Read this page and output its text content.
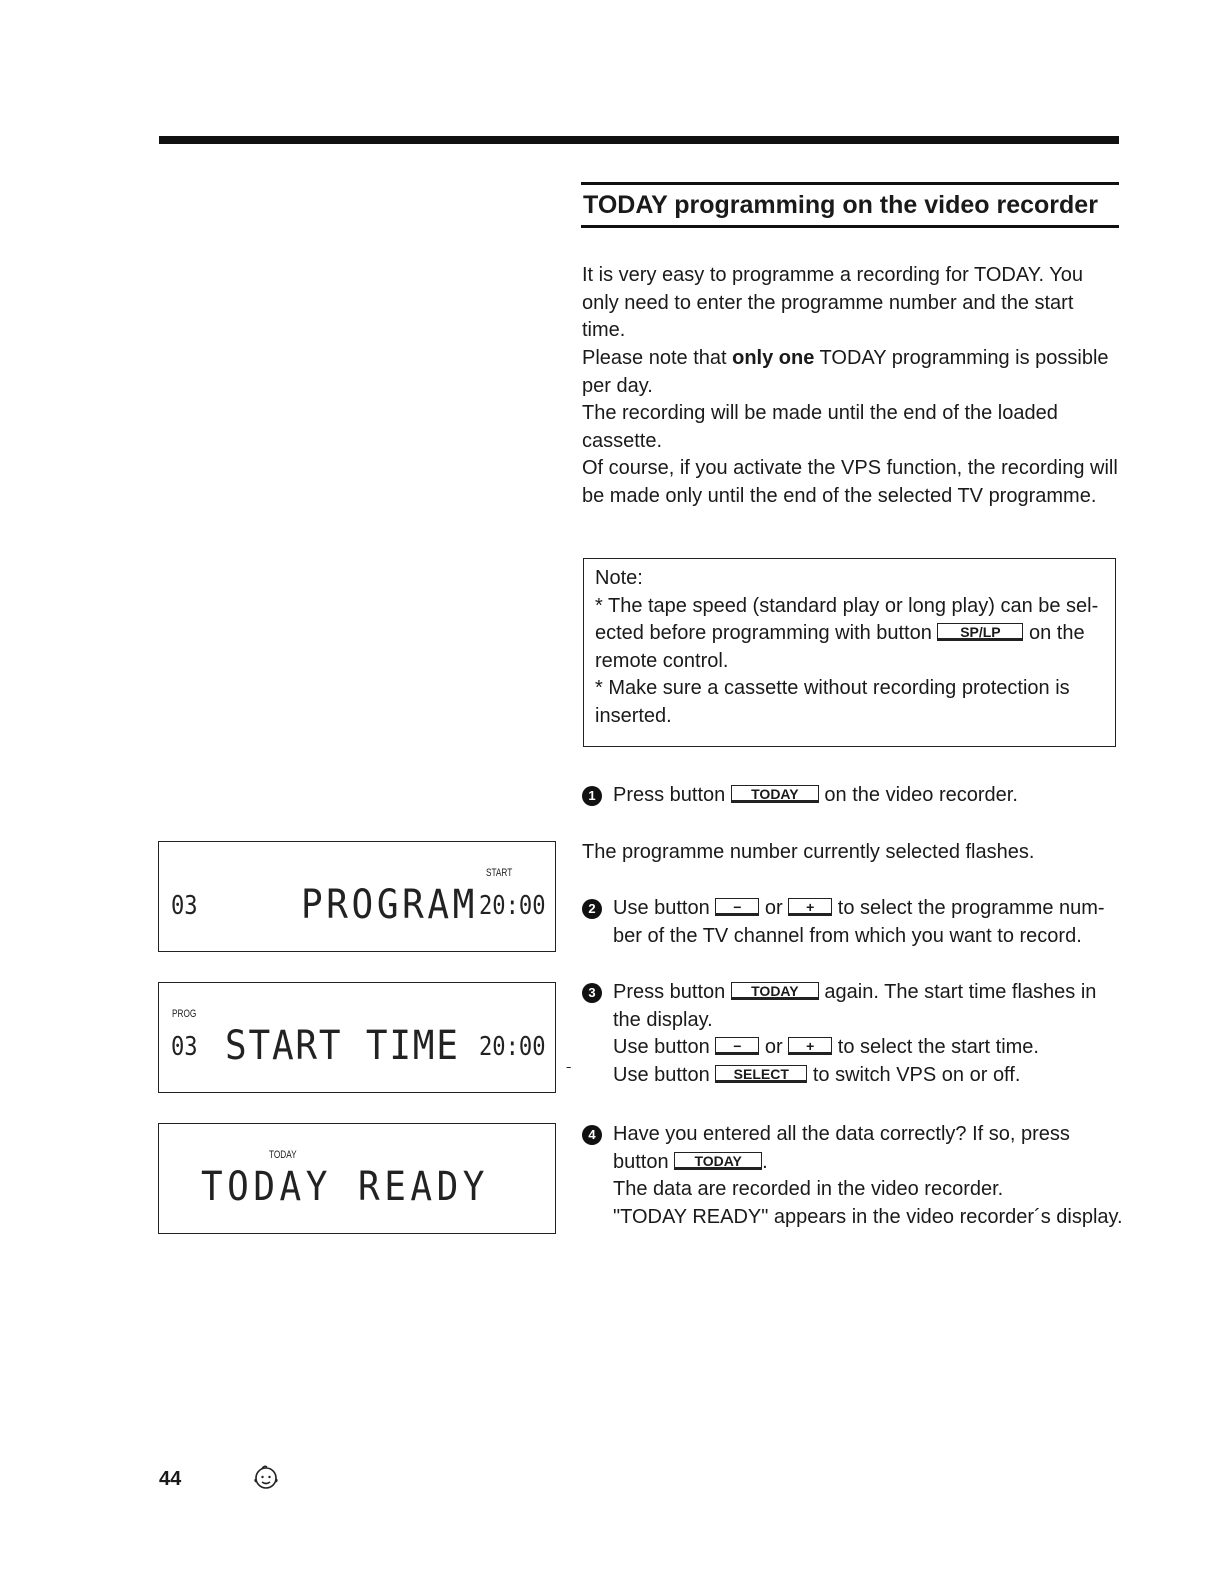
TODAY programming on the video recorder

It is very easy to programme a recording for TODAY. You only need to enter the programme number and the start time.

Please note that only one TODAY programming is possible per day.

The recording will be made until the end of the loaded cassette.

Of course, if you activate the VPS function, the recording will be made only until the end of the selected TV programme.

Note:

* The tape speed (standard play or long play) can be sel-

ected before programming with button SP/LP on the

remote control.

* Make sure a cassette without recording protection is

inserted.

1 Press button TODAY on the video recorder.

The programme number currently selected flashes.

2 Use button − or + to select the programme num-

ber of the TV channel from which you want to record.

3 Press button TODAY again. The start time flashes in

the display.

Use button − or + to select the start time.

Use button SELECT to switch VPS on or off.

4 Have you entered all the data correctly? If so, press

button TODAY .

The data are recorded in the video recorder.

"TODAY READY" appears in the video recorder´s display.

START
03	PROGRAM 20:00
PROG
03 START TIME 20:00
TODAY
TODAY READY
ˍ
44
